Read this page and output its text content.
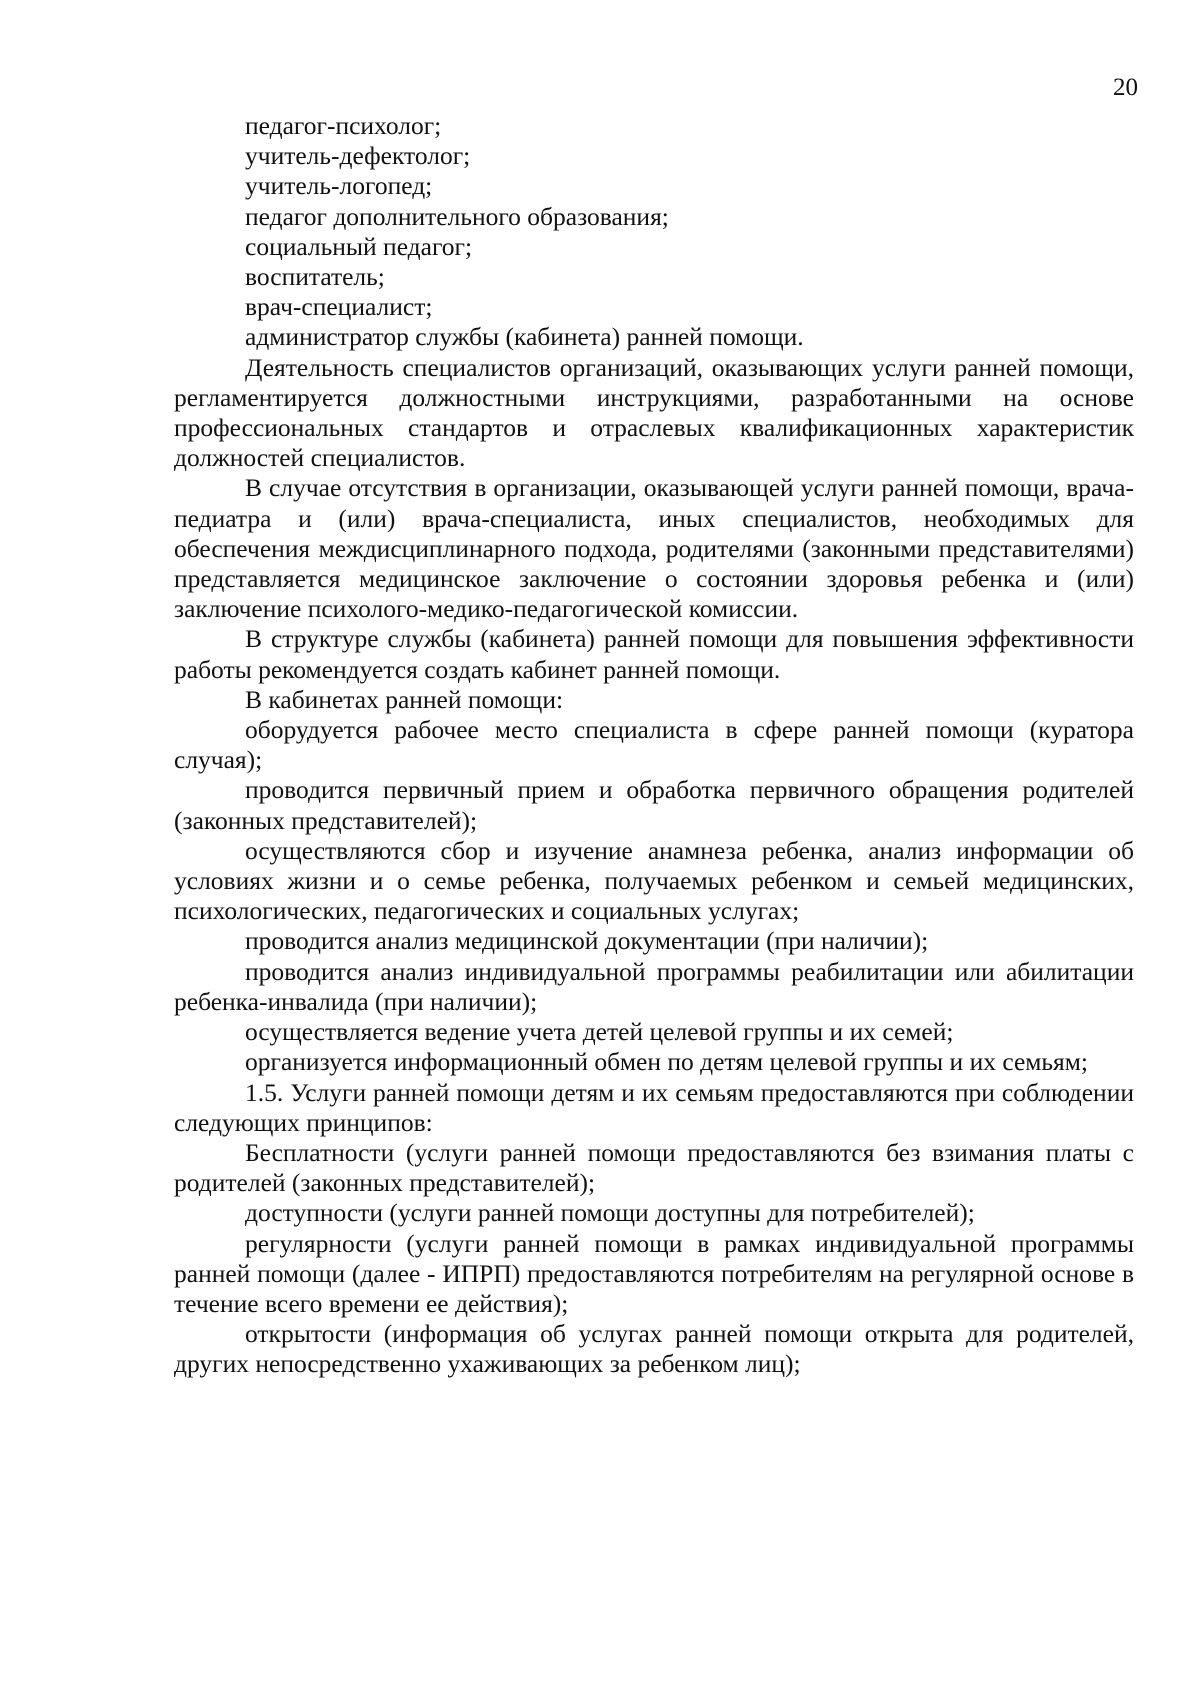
20

педагог-психолог;

учитель-дефектолог;

учитель-логопед;

педагог дополнительного образования;

социальный педагог;

воспитатель;

врач-специалист;

администратор службы (кабинета) ранней помощи.

Деятельность специалистов организаций, оказывающих услуги ранней помощи, регламентируется должностными инструкциями, разработанными на основе профессиональных стандартов и отраслевых квалификационных характеристик должностей специалистов.

В случае отсутствия в организации, оказывающей услуги ранней помощи, врача-педиатра и (или) врача-специалиста, иных специалистов, необходимых для обеспечения междисциплинарного подхода, родителями (законными представителями) представляется медицинское заключение о состоянии здоровья ребенка и (или) заключение психолого-медико-педагогической комиссии.

В структуре службы (кабинета) ранней помощи для повышения эффективности работы рекомендуется создать кабинет ранней помощи.

В кабинетах ранней помощи:

оборудуется рабочее место специалиста в сфере ранней помощи (куратора случая);

проводится первичный прием и обработка первичного обращения родителей (законных представителей);

осуществляются сбор и изучение анамнеза ребенка, анализ информации об условиях жизни и о семье ребенка, получаемых ребенком и семьей медицинских, психологических, педагогических и социальных услугах;

проводится анализ медицинской документации (при наличии);

проводится анализ индивидуальной программы реабилитации или абилитации ребенка-инвалида (при наличии);

осуществляется ведение учета детей целевой группы и их семей;

организуется информационный обмен по детям целевой группы и их семьям;

1.5. Услуги ранней помощи детям и их семьям предоставляются при соблюдении следующих принципов:

Бесплатности (услуги ранней помощи предоставляются без взимания платы с родителей (законных представителей);

доступности (услуги ранней помощи доступны для потребителей);

регулярности (услуги ранней помощи в рамках индивидуальной программы ранней помощи (далее - ИПРП) предоставляются потребителям на регулярной основе в течение всего времени ее действия);

открытости (информация об услугах ранней помощи открыта для родителей, других непосредственно ухаживающих за ребенком лиц);
